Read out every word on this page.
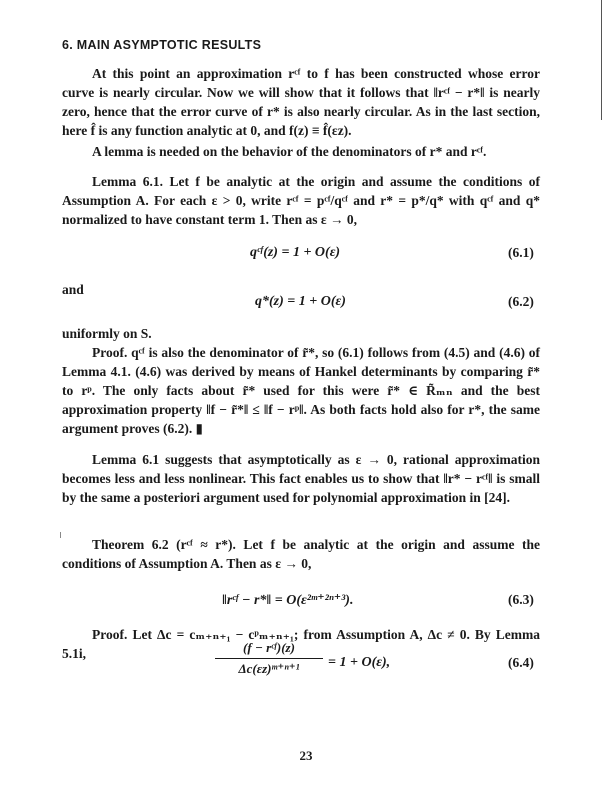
6. MAIN ASYMPTOTIC RESULTS
At this point an approximation rᶜᶠ to f has been constructed whose error curve is nearly circular. Now we will show that it follows that ‖rᶜᶠ − r*‖ is nearly zero, hence that the error curve of r* is also nearly circular. As in the last section, here f̂ is any function analytic at 0, and f(z) ≡ f̂(εz).
A lemma is needed on the behavior of the denominators of r* and rᶜᶠ.
Lemma 6.1. Let f be analytic at the origin and assume the conditions of Assumption A. For each ε > 0, write rᶜᶠ = pᶜᶠ/qᶜᶠ and r* = p*/q* with qᶜᶠ and q* normalized to have constant term 1. Then as ε → 0,
qᶜᶠ(z) = 1 + O(ε)	(6.1)
and
q*(z) = 1 + O(ε)	(6.2)
uniformly on S.
Proof. qᶜᶠ is also the denominator of r̃*, so (6.1) follows from (4.5) and (4.6) of Lemma 4.1. (4.6) was derived by means of Hankel determinants by comparing r̃* to rᵖ. The only facts about r̃* used for this were r̃* ∈ R̃ₘₙ and the best approximation property ‖f − r̃*‖ ≤ ‖f − rᵖ‖. As both facts hold also for r*, the same argument proves (6.2). ▮
Lemma 6.1 suggests that asymptotically as ε → 0, rational approximation becomes less and less nonlinear. This fact enables us to show that ‖r* − rᶜᶠ‖ is small by the same a posteriori argument used for polynomial approximation in [24].
Theorem 6.2 (rᶜᶠ ≈ r*). Let f be analytic at the origin and assume the conditions of Assumption A. Then as ε → 0,
‖rᶜᶠ − r*‖ = O(ε²ᵐ⁺²ⁿ⁺³).	(6.3)
Proof. Let Δc = cₘ₊ₙ₊₁ − cᵖₘ₊ₙ₊₁; from Assumption A, Δc ≠ 0. By Lemma 5.1i,	(f − rᶜᶠ)(z)
Δc(εz)ᵐ⁺ⁿ⁺¹	= 1 + O(ε),	(6.4)
23
